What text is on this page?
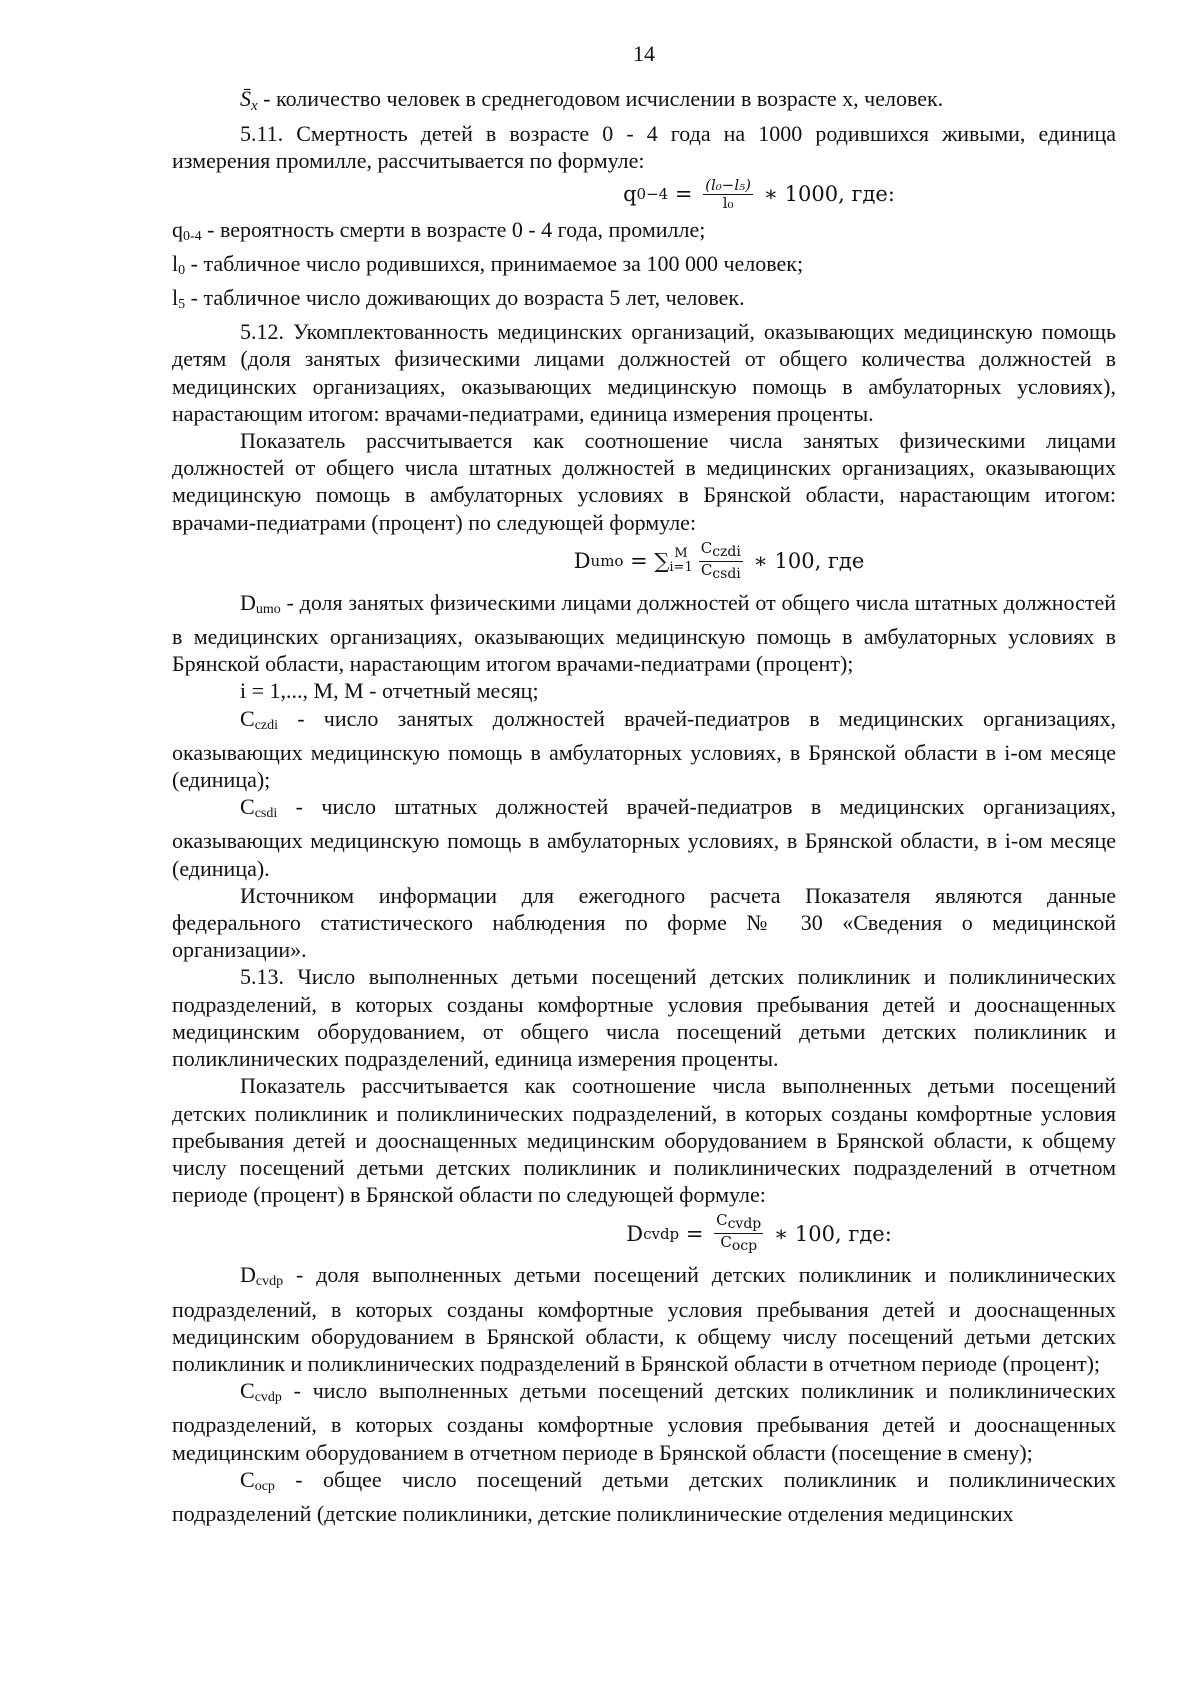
14

$S̄_x$ - количество человек в среднегодовом исчислении в возрасте х, человек.

5.11. Смертность детей в возрасте 0 - 4 года на 1000 родившихся живыми, единица измерения промилле, рассчитывается по формуле:

q $0-4 = \frac{\text{(l₀−l₅)}}{\text{l₀}}$ ∗ 1000, где:

q0-4 - вероятность смерти в возрасте 0 - 4 года, промилле;

l0 - табличное число родившихся, принимаемое за 100 000 человек;

l5 - табличное число доживающих до возраста 5 лет, человек.

5.12. Укомплектованность медицинских организаций, оказывающих медицинскую помощь детям (доля занятых физическими лицами должностей от общего количества должностей в медицинских организациях, оказывающих медицинскую помощь в амбулаторных условиях), нарастающим итогом: врачами-педиатрами, единица измерения проценты.

Показатель рассчитывается как соотношение числа занятых физическими лицами должностей от общего числа штатных должностей в медицинских организациях, оказывающих медицинскую помощь в амбулаторных условиях в Брянской области, нарастающим итогом: врачами-педиатрами (процент) по следующей формуле:

D umo = ∑ M
$i=1 \frac{\text{Cczdi}}{\text{Ccsdi}}$ ∗ 100, где

Dumo - доля занятых физическими лицами должностей от общего числа штатных должностей в медицинских организациях, оказывающих медицинскую помощь в амбулаторных условиях в Брянской области, нарастающим итогом врачами-педиатрами (процент);

i = 1,..., M, M - отчетный месяц;

Cczdi - число занятых должностей врачей-педиатров в медицинских организациях, оказывающих медицинскую помощь в амбулаторных условиях, в Брянской области в i-ом месяце (единица);

Ccsdi - число штатных должностей врачей-педиатров в медицинских организациях, оказывающих медицинскую помощь в амбулаторных условиях, в Брянской области, в i-ом месяце (единица).

Источником информации для ежегодного расчета Показателя являются данные федерального статистического наблюдения по форме № 30 «Сведения о медицинской организации».

5.13. Число выполненных детьми посещений детских поликлиник и поликлинических подразделений, в которых созданы комфортные условия пребывания детей и дооснащенных медицинским оборудованием, от общего числа посещений детьми детских поликлиник и поликлинических подразделений, единица измерения проценты.

Показатель рассчитывается как соотношение числа выполненных детьми посещений детских поликлиник и поликлинических подразделений, в которых созданы комфортные условия пребывания детей и дооснащенных медицинским оборудованием в Брянской области, к общему числу посещений детьми детских поликлиник и поликлинических подразделений в отчетном периоде (процент) в Брянской области по следующей формуле:

D cvdp = $\frac{\text{Ccvdp}}{\text{Cocp}}$ ∗ 100, где:

Dcvdp - доля выполненных детьми посещений детских поликлиник и поликлинических подразделений, в которых созданы комфортные условия пребывания детей и дооснащенных медицинским оборудованием в Брянской области, к общему числу посещений детьми детских поликлиник и поликлинических подразделений в Брянской области в отчетном периоде (процент);

Ccvdp - число выполненных детьми посещений детских поликлиник и поликлинических подразделений, в которых созданы комфортные условия пребывания детей и дооснащенных медицинским оборудованием в отчетном периоде в Брянской области (посещение в смену);

Cocp - общее число посещений детьми детских поликлиник и поликлинических подразделений (детские поликлиники, детские поликлинические отделения медицинских
